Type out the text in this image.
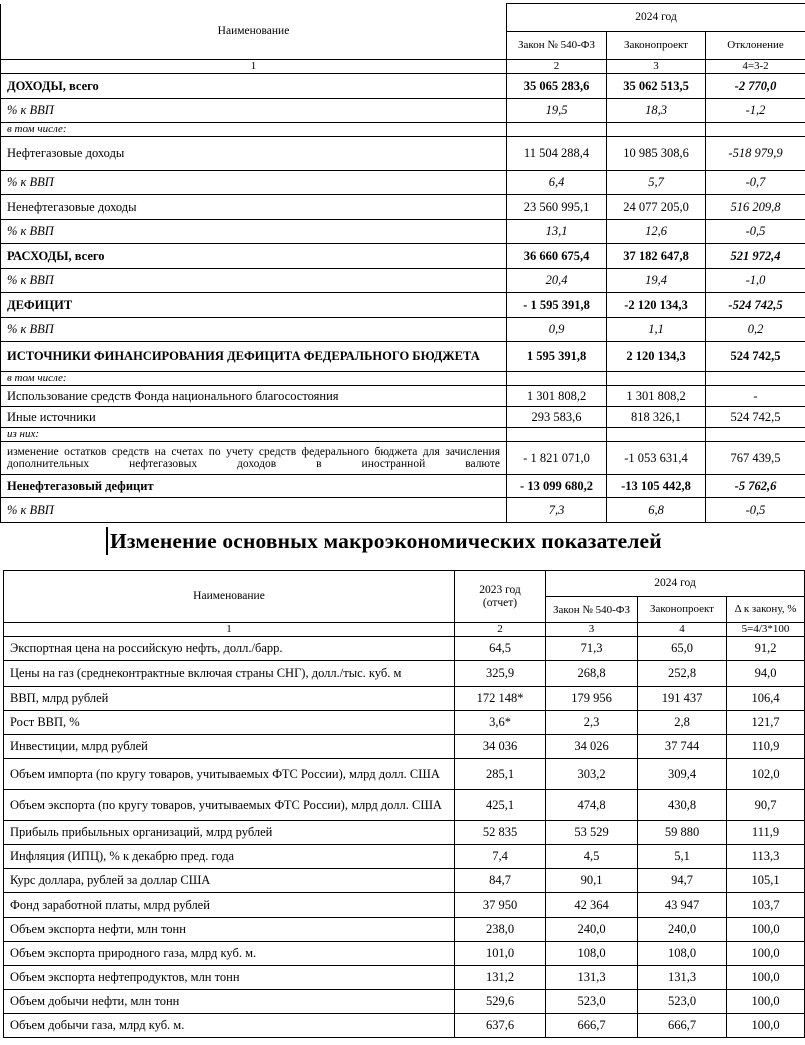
Наименование	2024 год		
	Закон № 540-ФЗ	Законопроект	Отклонение
1	2	3	4=3-2
ДОХОДЫ, всего	35 065 283,6	35 062 513,5	-2 770,0
% к ВВП	19,5	18,3	-1,2
в том числе:			
Нефтегазовые доходы	11 504 288,4	10 985 308,6	-518 979,9
% к ВВП	6,4	5,7	-0,7
Ненефтегазовые доходы	23 560 995,1	24 077 205,0	516 209,8
% к ВВП	13,1	12,6	-0,5
РАСХОДЫ, всего	36 660 675,4	37 182 647,8	521 972,4
% к ВВП	20,4	19,4	-1,0
ДЕФИЦИТ	- 1 595 391,8	-2 120 134,3	-524 742,5
% к ВВП	0,9	1,1	0,2
ИСТОЧНИКИ ФИНАНСИРОВАНИЯ ДЕФИЦИТА ФЕДЕРАЛЬНОГО БЮДЖЕТА	1 595 391,8	2 120 134,3	524 742,5
в том числе:			
Использование средств Фонда национального благосостояния	1 301 808,2	1 301 808,2	-
Иные источники	293 583,6	818 326,1	524 742,5
из них:			
изменение остатков средств на счетах по учету средств федерального бюджета для зачисления дополнительных нефтегазовых доходов в иностранной валюте	- 1 821 071,0	-1 053 631,4	767 439,5
Ненефтегазовый дефицит	- 13 099 680,2	-13 105 442,8	-5 762,6
% к ВВП	7,3	6,8	-0,5
Изменение основных макроэкономических показателей
Наименование	2023 год (отчет)	2024 год		
		Закон № 540-ФЗ	Законопроект	Δ к закону, %
1	2	3	4	5=4/3*100
Экспортная цена на российскую нефть, долл./барр.	64,5	71,3	65,0	91,2
Цены на газ (среднеконтрактные включая страны СНГ), долл./тыс. куб. м	325,9	268,8	252,8	94,0
ВВП, млрд рублей	172 148*	179 956	191 437	106,4
Рост ВВП, %	3,6*	2,3	2,8	121,7
Инвестиции, млрд рублей	34 036	34 026	37 744	110,9
Объем импорта (по кругу товаров, учитываемых ФТС России), млрд долл. США	285,1	303,2	309,4	102,0
Объем экспорта (по кругу товаров, учитываемых ФТС России), млрд долл. США	425,1	474,8	430,8	90,7
Прибыль прибыльных организаций, млрд рублей	52 835	53 529	59 880	111,9
Инфляция (ИПЦ), % к декабрю пред. года	7,4	4,5	5,1	113,3
Курс доллара, рублей за доллар США	84,7	90,1	94,7	105,1
Фонд заработной платы, млрд рублей	37 950	42 364	43 947	103,7
Объем экспорта нефти, млн тонн	238,0	240,0	240,0	100,0
Объем экспорта природного газа, млрд куб. м.	101,0	108,0	108,0	100,0
Объем экспорта нефтепродуктов, млн тонн	131,2	131,3	131,3	100,0
Объем добычи нефти, млн тонн	529,6	523,0	523,0	100,0
Объем добычи газа, млрд куб. м.	637,6	666,7	666,7	100,0
